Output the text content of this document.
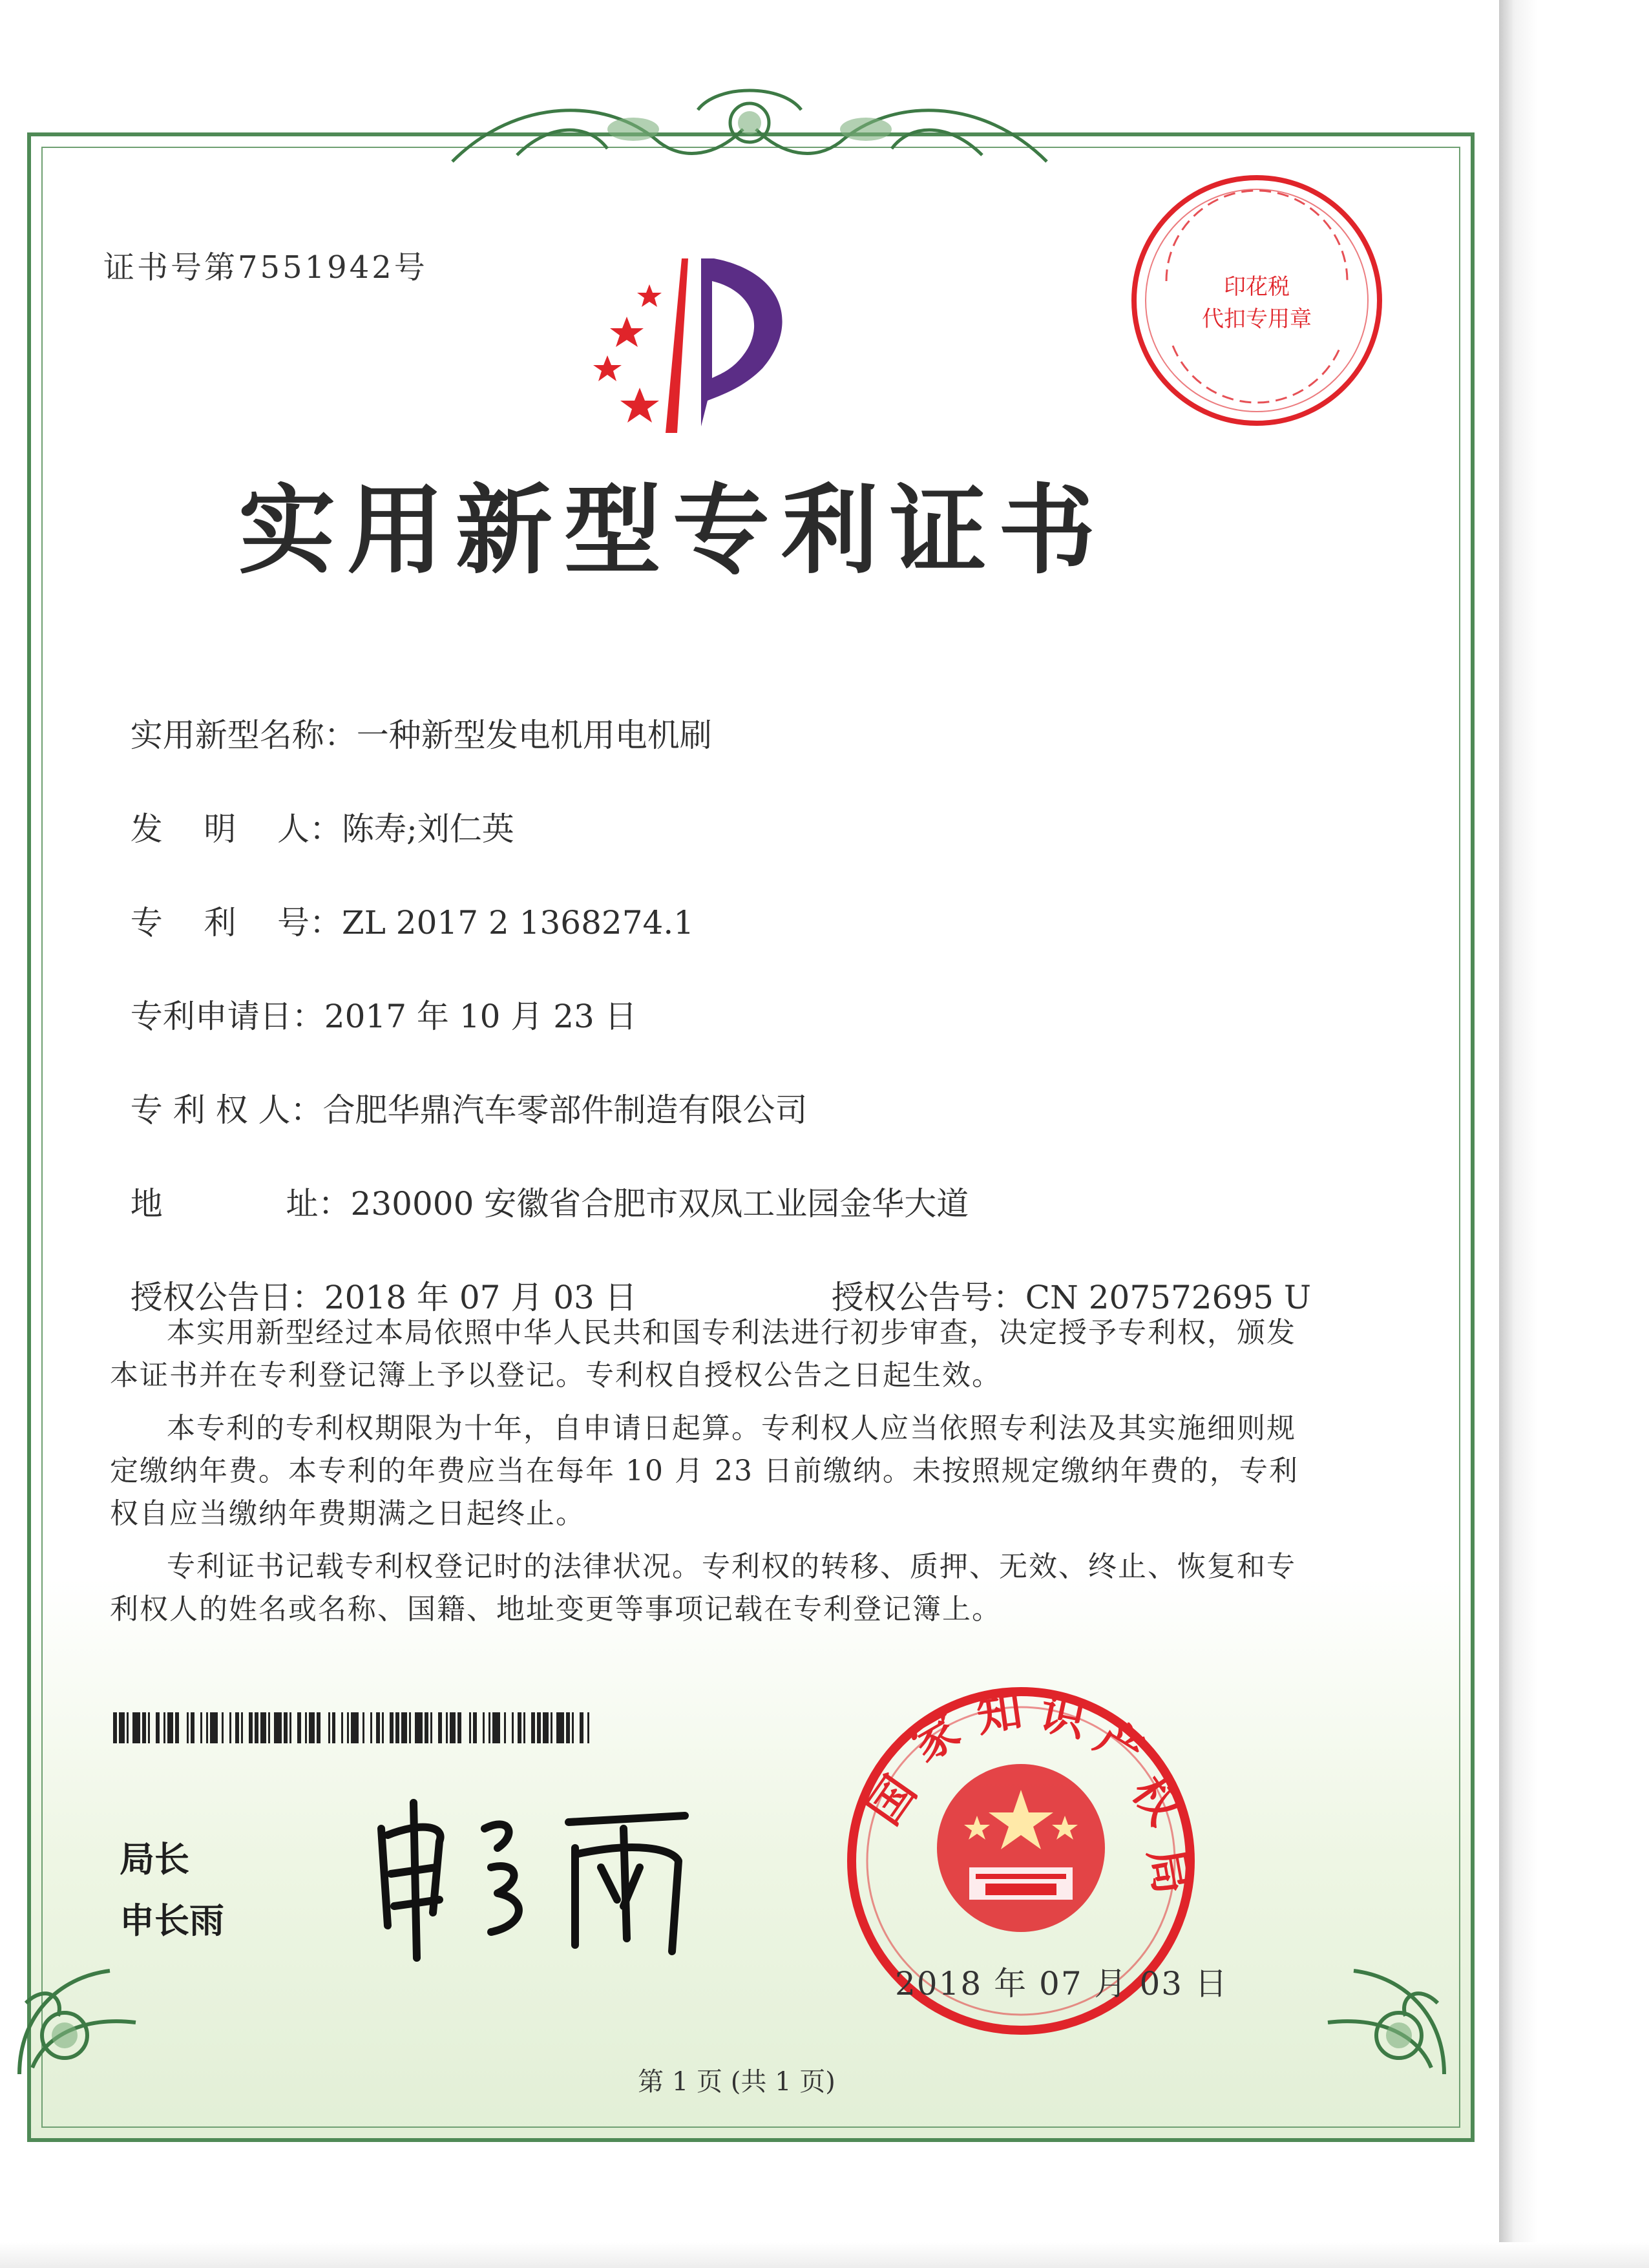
证书号第7551942号
实用新型专利证书
印花税
代扣专用章

实用新型名称：一种新型发电机用电机刷

发    明    人：陈寿;刘仁英

专    利    号：ZL 2017 2 1368274.1

专利申请日：2017 年 10 月 23 日

专 利 权 人：合肥华鼎汽车零部件制造有限公司

地            址：230000 安徽省合肥市双凤工业园金华大道

授权公告日：2018 年 07 月 03 日	授权公告号：CN 207572695 U

本实用新型经过本局依照中华人民共和国专利法进行初步审查，决定授予专利权，颁发本证书并在专利登记簿上予以登记。专利权自授权公告之日起生效。
本专利的专利权期限为十年，自申请日起算。专利权人应当依照专利法及其实施细则规定缴纳年费。本专利的年费应当在每年 10 月 23 日前缴纳。未按照规定缴纳年费的，专利权自应当缴纳年费期满之日起终止。
专利证书记载专利权登记时的法律状况。专利权的转移、质押、无效、终止、恢复和专利权人的姓名或名称、国籍、地址变更等事项记载在专利登记簿上。
局长
申长雨
国
家 知 识
产
权
局
2018 年 07 月 03 日
第 1 页 (共 1 页)
